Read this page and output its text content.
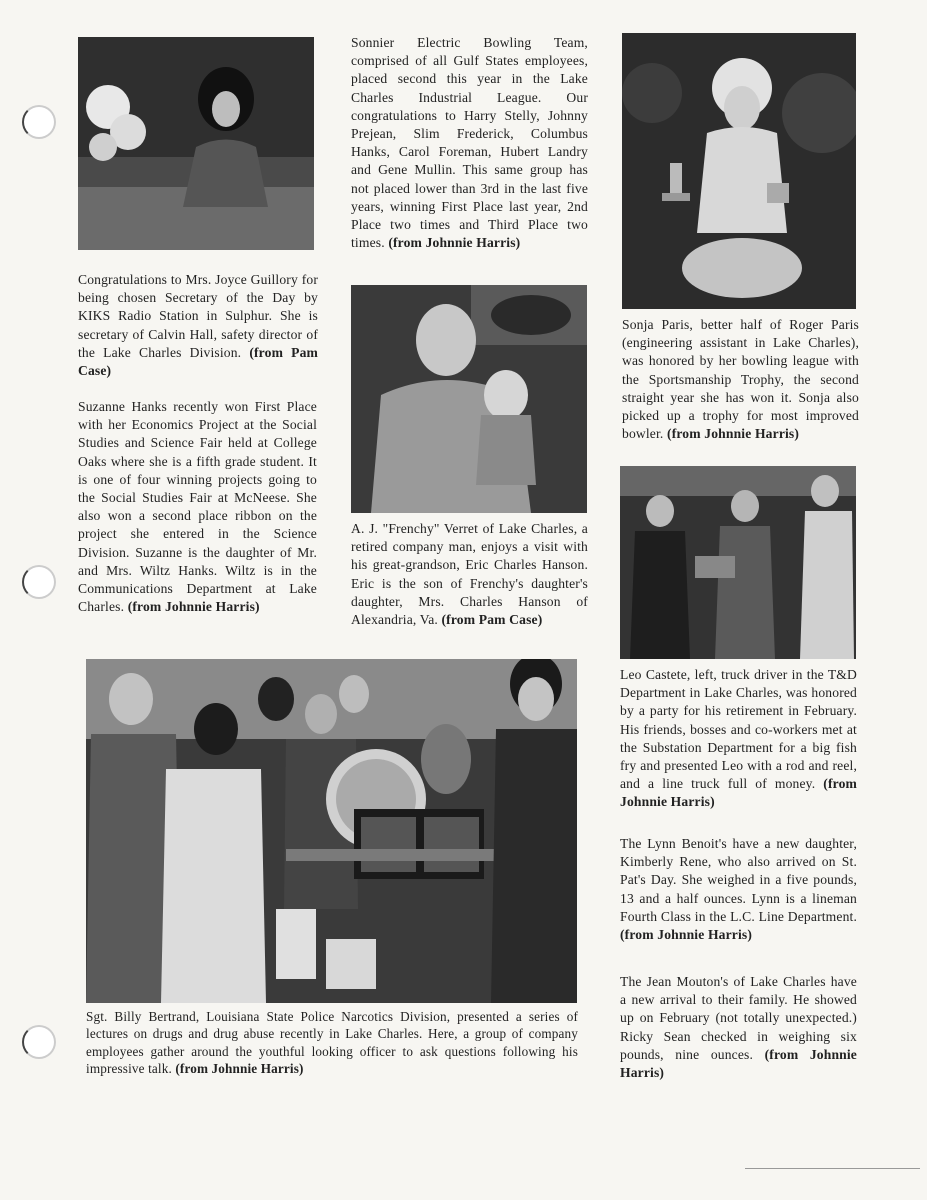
Sonnier Electric Bowling Team, comprised of all Gulf States employees, placed second this year in the Lake Charles Industrial League. Our congratulations to Harry Stelly, Johnny Prejean, Slim Frederick, Columbus Hanks, Carol Foreman, Hubert Landry and Gene Mullin. This same group has not placed lower than 3rd in the last five years, winning First Place last year, 2nd Place two times and Third Place two times. (from Johnnie Harris)
Congratulations to Mrs. Joyce Guillory for being chosen Secretary of the Day by KIKS Radio Station in Sulphur. She is secretary of Calvin Hall, safety director of the Lake Charles Division. (from Pam Case)
Suzanne Hanks recently won First Place with her Economics Project at the Social Studies and Science Fair held at College Oaks where she is a fifth grade student. It is one of four winning projects going to the Social Studies Fair at McNeese. She also won a second place ribbon on the project she entered in the Science Division. Suzanne is the daughter of Mr. and Mrs. Wiltz Hanks. Wiltz is in the Communications Department at Lake Charles. (from Johnnie Harris)
A. J. "Frenchy" Verret of Lake Charles, a retired company man, enjoys a visit with his great-grandson, Eric Charles Hanson. Eric is the son of Frenchy's daughter's daughter, Mrs. Charles Hanson of Alexandria, Va. (from Pam Case)
Sonja Paris, better half of Roger Paris (engineering assistant in Lake Charles), was honored by her bowling league with the Sportsmanship Trophy, the second straight year she has won it. Sonja also picked up a trophy for most improved bowler. (from Johnnie Harris)
Leo Castete, left, truck driver in the T&D Department in Lake Charles, was honored by a party for his retirement in February. His friends, bosses and co-workers met at the Substation Department for a big fish fry and presented Leo with a rod and reel, and a line truck full of money. (from Johnnie Harris)
The Lynn Benoit's have a new daughter, Kimberly Rene, who also arrived on St. Pat's Day. She weighed in a five pounds, 13 and a half ounces. Lynn is a lineman Fourth Class in the L.C. Line Department. (from Johnnie Harris)
The Jean Mouton's of Lake Charles have a new arrival to their family. He showed up on February (not totally unexpected.) Ricky Sean checked in weighing six pounds, nine ounces. (from Johnnie Harris)
Sgt. Billy Bertrand, Louisiana State Police Narcotics Division, presented a series of lectures on drugs and drug abuse recently in Lake Charles. Here, a group of company employees gather around the youthful looking officer to ask questions following his impressive talk. (from Johnnie Harris)
